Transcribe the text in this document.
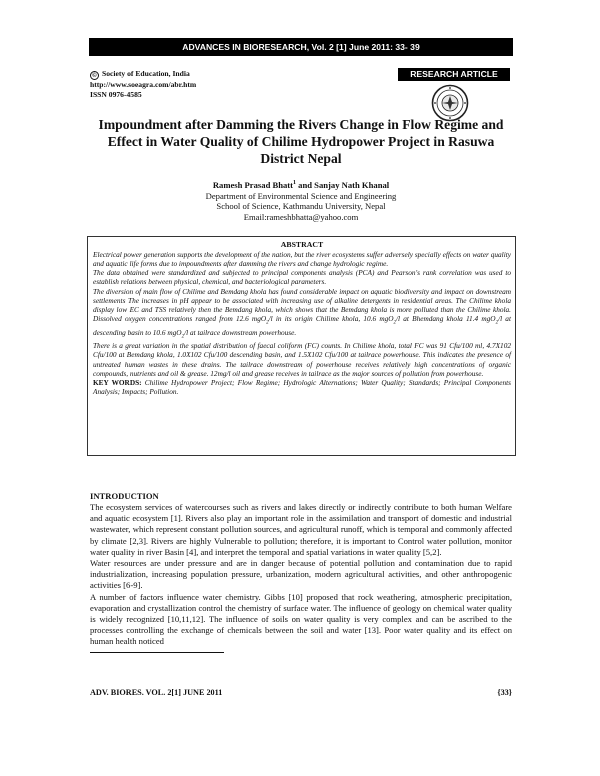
ADVANCES IN BIORESEARCH, Vol. 2 [1] June 2011: 33- 39
© Society of Education, India
http://www.soeagra.com/abr.htm
ISSN 0976-4585
RESEARCH ARTICLE
Impoundment after Damming the Rivers Change in Flow Regime and Effect in Water Quality of Chilime Hydropower Project in Rasuwa District Nepal
Ramesh Prasad Bhatt$^1$ and Sanjay Nath Khanal
Department of Environmental Science and Engineering
School of Science, Kathmandu University, Nepal
Email:rameshbhatta@yahoo.com
ABSTRACT

Electrical power generation supports the development of the nation, but the river ecosystems suffer adversely specially effects on water quality and aquatic life forms due to impoundments after damming the rivers and change hydrologic regime.

The data obtained were standardized and subjected to principal components analysis (PCA) and Pearson's rank correlation was used to establish relations between physical, chemical, and bacteriological parameters.

The diversion of main flow of Chilime and Bemdang khola has found considerable impact on aquatic biodiversity and impact on downstream settlements The increases in pH appear to be associated with increasing use of alkaline detergents in residential areas. The Chilime khola display low EC and TSS relatively then the Bemdang khola, which shows that the Bemdang khola is more polluted than the Chilime khola. Dissolved oxygen concentrations ranged from 12.6 mgO$_2$/l in its origin Chilime khola, 10.6 mgO$_2$/l at Bhemdang khola 11.4 mgO$_2$/l at descending basin to 10.6 mgO$_2$/l at tailrace downstream powerhouse.

There is a great variation in the spatial distribution of faecal coliform (FC) counts. In Chilime khola, total FC was 91 Cfu/100 ml, 4.7X102 Cfu/100 at Bemdang khola, 1.0X102 Cfu/100 descending basin, and 1.5X102 Cfu/100 at tailrace powerhouse. This indicates the presence of untreated human wastes in these drains. The tailrace downstream of powerhouse receives relatively high concentrations of organic compounds, nutrients and oil & grease. 12mg/l oil and grease receives in tailrace as the major sources of pollution from powerhouse.

KEY WORDS: Chilime Hydropower Project; Flow Regime; Hydrologic Alternations; Water Quality; Standards; Principal Components Analysis; Impacts; Pollution.

INTRODUCTION

The ecosystem services of watercourses such as rivers and lakes directly or indirectly contribute to both human Welfare and aquatic ecosystem [1]. Rivers also play an important role in the assimilation and transport of domestic and industrial wastewater, which represent constant pollution sources, and agricultural runoff, which is temporal and commonly affected by climate [2,3]. Rivers are highly Vulnerable to pollution; therefore, it is important to Control water pollution, monitor water quality in river Basin [4], and interpret the temporal and spatial variations in water quality [5,2].

Water resources are under pressure and are in danger because of potential pollution and contamination due to rapid industrialization, increasing population pressure, urbanization, modern agricultural activities, and other anthropogenic activities [6-9].

A number of factors influence water chemistry. Gibbs [10] proposed that rock weathering, atmospheric precipitation, evaporation and crystallization control the chemistry of surface water. The influence of geology on chemical water quality is widely recognized [10,11,12]. The influence of soils on water quality is very complex and can be ascribed to the processes controlling the exchange of chemicals between the soil and water [13]. Poor water quality and its effect on human health noticed

ADV. BIORES. VOL. 2[1] JUNE 2011	{33}
